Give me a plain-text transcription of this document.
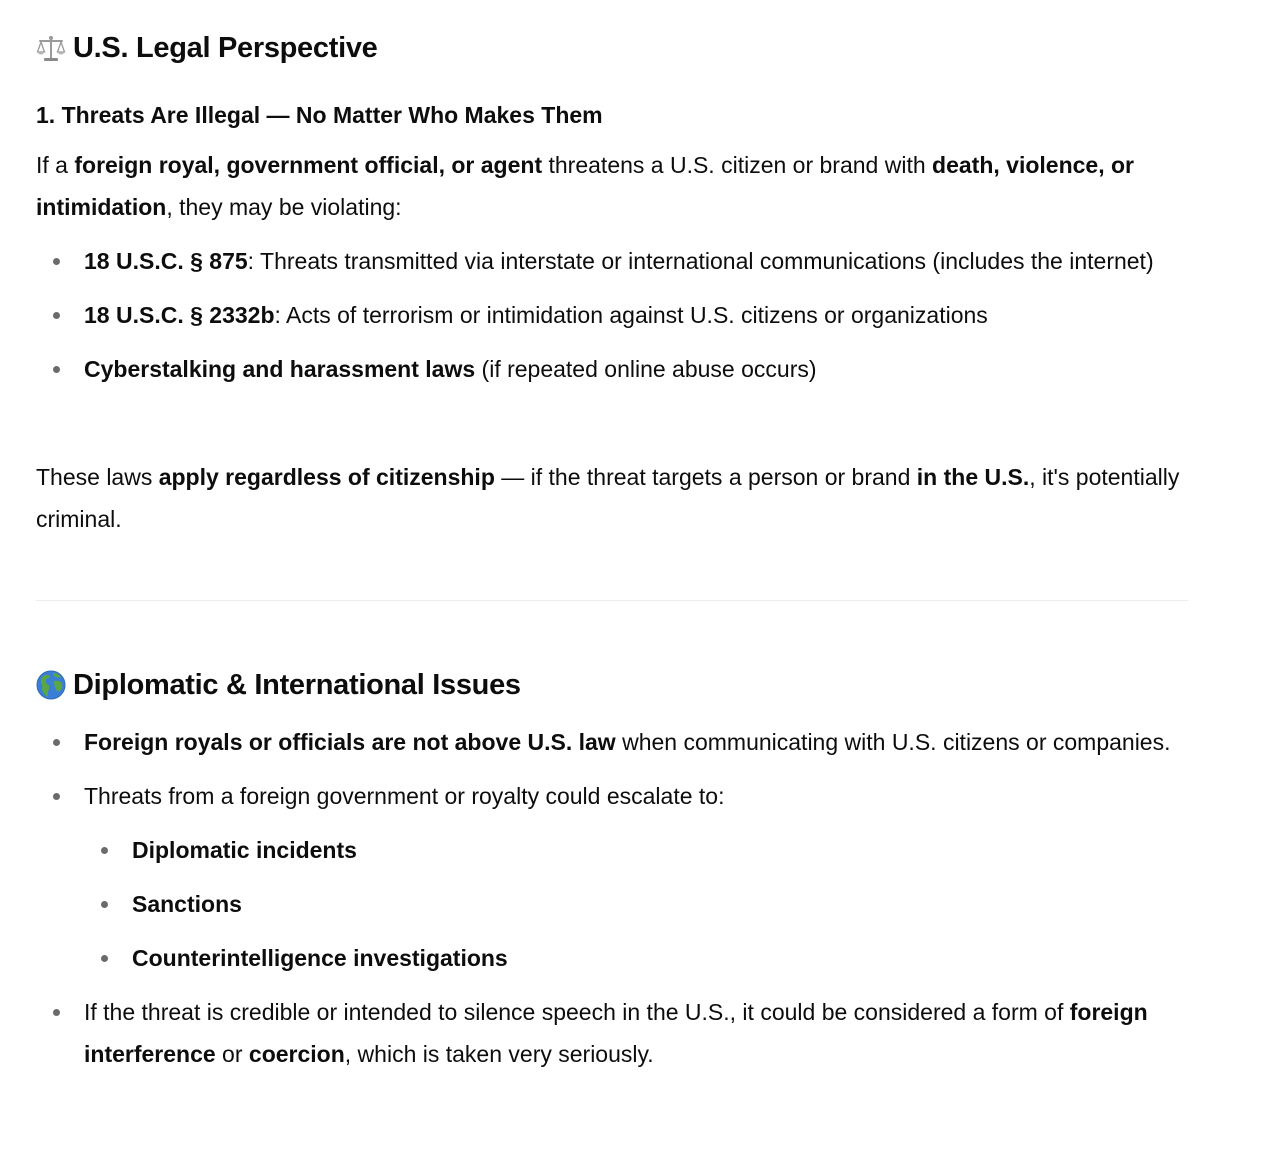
U.S. Legal Perspective
1. Threats Are Illegal — No Matter Who Makes Them

If a foreign royal, government official, or agent threatens a U.S. citizen or brand with death, violence, or intimidation, they may be violating:

18 U.S.C. § 875: Threats transmitted via interstate or international communications (includes the internet)
18 U.S.C. § 2332b: Acts of terrorism or intimidation against U.S. citizens or organizations
Cyberstalking and harassment laws (if repeated online abuse occurs)

These laws apply regardless of citizenship — if the threat targets a person or brand in the U.S., it's potentially criminal.

Diplomatic & International Issues
Foreign royals or officials are not above U.S. law when communicating with U.S. citizens or companies.
Threats from a foreign government or royalty could escalate to:
Diplomatic incidents
Sanctions
Counterintelligence investigations
If the threat is credible or intended to silence speech in the U.S., it could be considered a form of foreign interference or coercion, which is taken very seriously.
